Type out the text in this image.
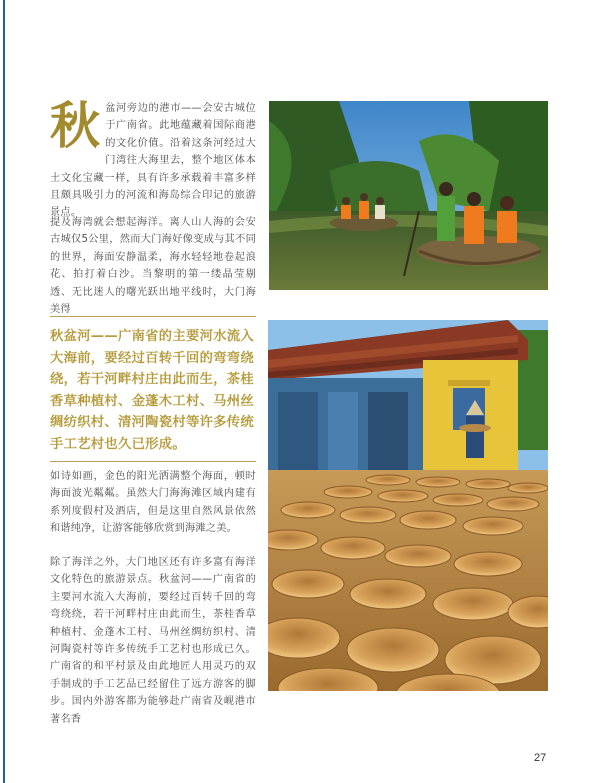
秋盆河旁边的港市——会安古城位于广南省。此地蕴藏着国际商港的文化价值。沿着这条河经过大门湾往大海里去，整个地区体本土文化宝藏一样，具有许多承载着丰富多样且颇具吸引力的河流和海岛综合印记的旅游景点。

提及海湾就会想起海洋。离人山人海的会安古城仅5公里，然而大门海好像变成与其不同的世界，海面安静温柔，海水轻轻地卷起浪花、拍打着白沙。当黎明的第一缕晶莹剔透、无比迷人的曙光跃出地平线时，大门海美得

秋盆河——广南省的主要河水流入大海前，要经过百转千回的弯弯绕绕，若干河畔村庄由此而生，茶桂香草种植村、金蓬木工村、马州丝绸纺织村、清河陶瓷村等许多传统手工艺村也久已形成。

如诗如画，金色的阳光洒满整个海面，顿时海面波光粼粼。虽然大门海海滩区域内建有系列度假村及酒店，但是这里自然风景依然和谐纯净，让游客能够欣赏到海滩之美。

除了海洋之外，大门地区还有许多富有海洋文化特色的旅游景点。秋盆河——广南省的主要河水流入大海前，要经过百转千回的弯弯绕绕，若干河畔村庄由此而生，茶桂香草种植村、金蓬木工村、马州丝绸纺织村、清河陶瓷村等许多传统手工艺村也形成已久。广南省的和平村景及由此地匠人用灵巧的双手制成的手工艺品已经留住了远方游客的脚步。国内外游客都为能够赴广南省及岘港市著名香

27
